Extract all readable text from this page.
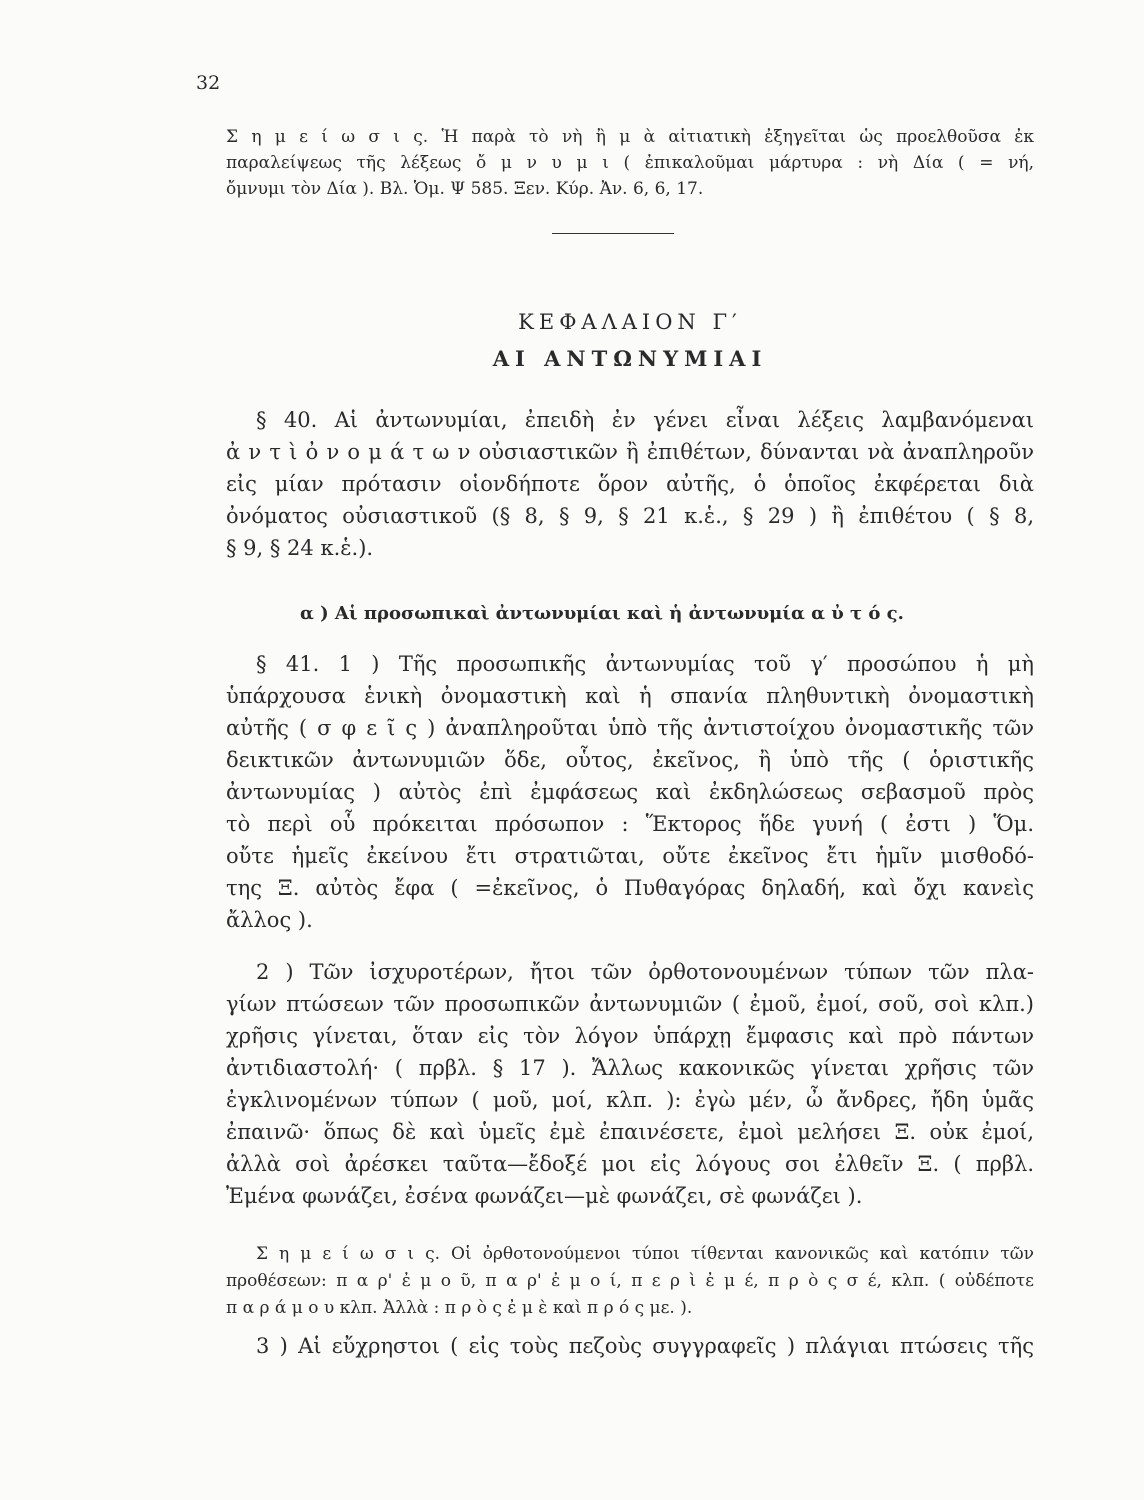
32

Σ η μ ε ί ω σ ι ς. Ἡ παρὰ τὸ νὴ ἢ μ ὰ αἰτιατικὴ ἐξηγεῖται ὡς προελθοῦσα ἐκ

παραλείψεως τῆς λέξεως ὄ μ ν υ μ ι ( ἐπικαλοῦμαι μάρτυρα : νὴ Δία ( = νή,

ὄμνυμι τὸν Δία ). Βλ. Ὁμ. Ψ 585. Ξεν. Κύρ. Ἀν. 6, 6, 17.

ΚΕΦΑΛΑΙΟΝ Γ′
ΑΙ ΑΝΤΩΝΥΜΙΑΙ
§ 40. Αἱ ἀντωνυμίαι, ἐπειδὴ ἐν γένει εἶναι λέξεις λαμβανόμεναι
ἀ ν τ ὶ ὀ ν ο μ ά τ ω ν οὐσιαστικῶν ἢ ἐπιθέτων, δύνανται νὰ ἀναπληροῦν
εἰς μίαν πρότασιν οἱονδήποτε ὅρον αὐτῆς, ὁ ὁποῖος ἐκφέρεται διὰ
ὀνόματος οὐσιαστικοῦ (§ 8, § 9, § 21 κ.ἑ., § 29 ) ἢ ἐπιθέτου ( § 8,
§ 9, § 24 κ.ἑ.).
α ) Αἱ προσωπικαὶ ἀντωνυμίαι καὶ ἡ ἀντωνυμία α ὐ τ ό ς.
§ 41. 1 ) Τῆς προσωπικῆς ἀντωνυμίας τοῦ γ′ προσώπου ἡ μὴ
ὑπάρχουσα ἑνικὴ ὀνομαστικὴ καὶ ἡ σπανία πληθυντικὴ ὀνομαστικὴ
αὐτῆς ( σ φ ε ῖ ς ) ἀναπληροῦται ὑπὸ τῆς ἀντιστοίχου ὀνομαστικῆς τῶν
δεικτικῶν ἀντωνυμιῶν ὅδε, οὗτος, ἐκεῖνος, ἢ ὑπὸ τῆς ( ὁριστικῆς
ἀντωνυμίας ) αὐτὸς ἐπὶ ἐμφάσεως καὶ ἐκδηλώσεως σεβασμοῦ πρὸς
τὸ περὶ οὗ πρόκειται πρόσωπον : Ἕκτορος ἥδε γυνή ( ἐστι ) Ὅμ.
οὔτε ἡμεῖς ἐκείνου ἔτι στρατιῶται, οὔτε ἐκεῖνος ἔτι ἡμῖν μισθοδό-
της Ξ. αὐτὸς ἔφα ( =ἐκεῖνος, ὁ Πυθαγόρας δηλαδή, καὶ ὄχι κανεὶς
ἄλλος ).
2 ) Τῶν ἰσχυροτέρων, ἤτοι τῶν ὀρθοτονουμένων τύπων τῶν πλα-
γίων πτώσεων τῶν προσωπικῶν ἀντωνυμιῶν ( ἐμοῦ, ἐμοί, σοῦ, σοὶ κλπ.)
χρῆσις γίνεται, ὅταν εἰς τὸν λόγον ὑπάρχῃ ἔμφασις καὶ πρὸ πάντων
ἀντιδιαστολή· ( πρβλ. § 17 ). Ἄλλως κακονικῶς γίνεται χρῆσις τῶν
ἐγκλινομένων τύπων ( μοῦ, μοί, κλπ. ): ἐγὼ μέν, ὦ ἄνδρες, ἤδη ὑμᾶς
ἐπαινῶ· ὅπως δὲ καὶ ὑμεῖς ἐμὲ ἐπαινέσετε, ἐμοὶ μελήσει Ξ. οὐκ ἐμοί,
ἀλλὰ σοὶ ἀρέσκει ταῦτα—ἔδοξέ μοι εἰς λόγους σοι ἐλθεῖν Ξ. ( πρβλ.
Ἐμένα φωνάζει, ἐσένα φωνάζει—μὲ φωνάζει, σὲ φωνάζει ).
Σ η μ ε ί ω σ ι ς. Οἱ ὀρθοτονούμενοι τύποι τίθενται κανονικῶς καὶ κατόπιν τῶν
προθέσεων: π α ρ' ἐ μ ο ῦ, π α ρ' ἐ μ ο ί, π ε ρ ὶ ἐ μ έ, π ρ ὸ ς σ έ, κλπ. ( οὐδέποτε
π α ρ ά μ ο υ κλπ. Ἀλλὰ : π ρ ὸ ς ἐ μ ὲ καὶ π ρ ό ς με. ).
3 ) Αἱ εὔχρηστοι ( εἰς τοὺς πεζοὺς συγγραφεῖς ) πλάγιαι πτώσεις τῆς
